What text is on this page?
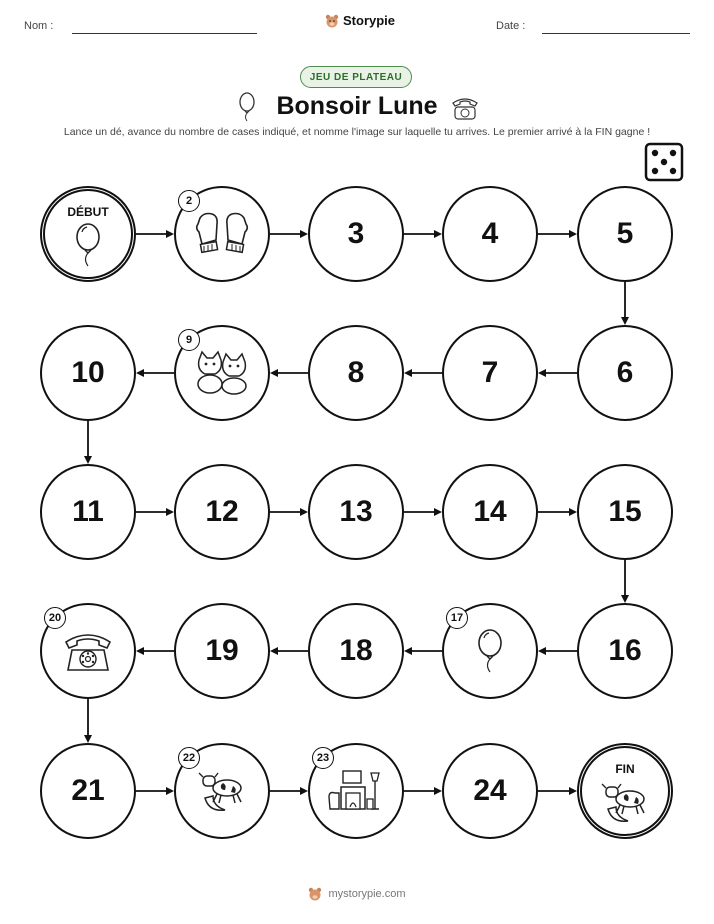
Nom :	Storypie	Date :
JEU DE PLATEAU
Bonsoir Lune
Lance un dé, avance du nombre de cases indiqué, et nomme l'image sur laquelle tu arrives. Le premier arrivé à la FIN gagne !
DÉBUT
2
3	4	5
6
7
8
9
10
11	12	13	14	15
16
17
18
19
20
21
22	23
24
FIN
mystorypie.com
